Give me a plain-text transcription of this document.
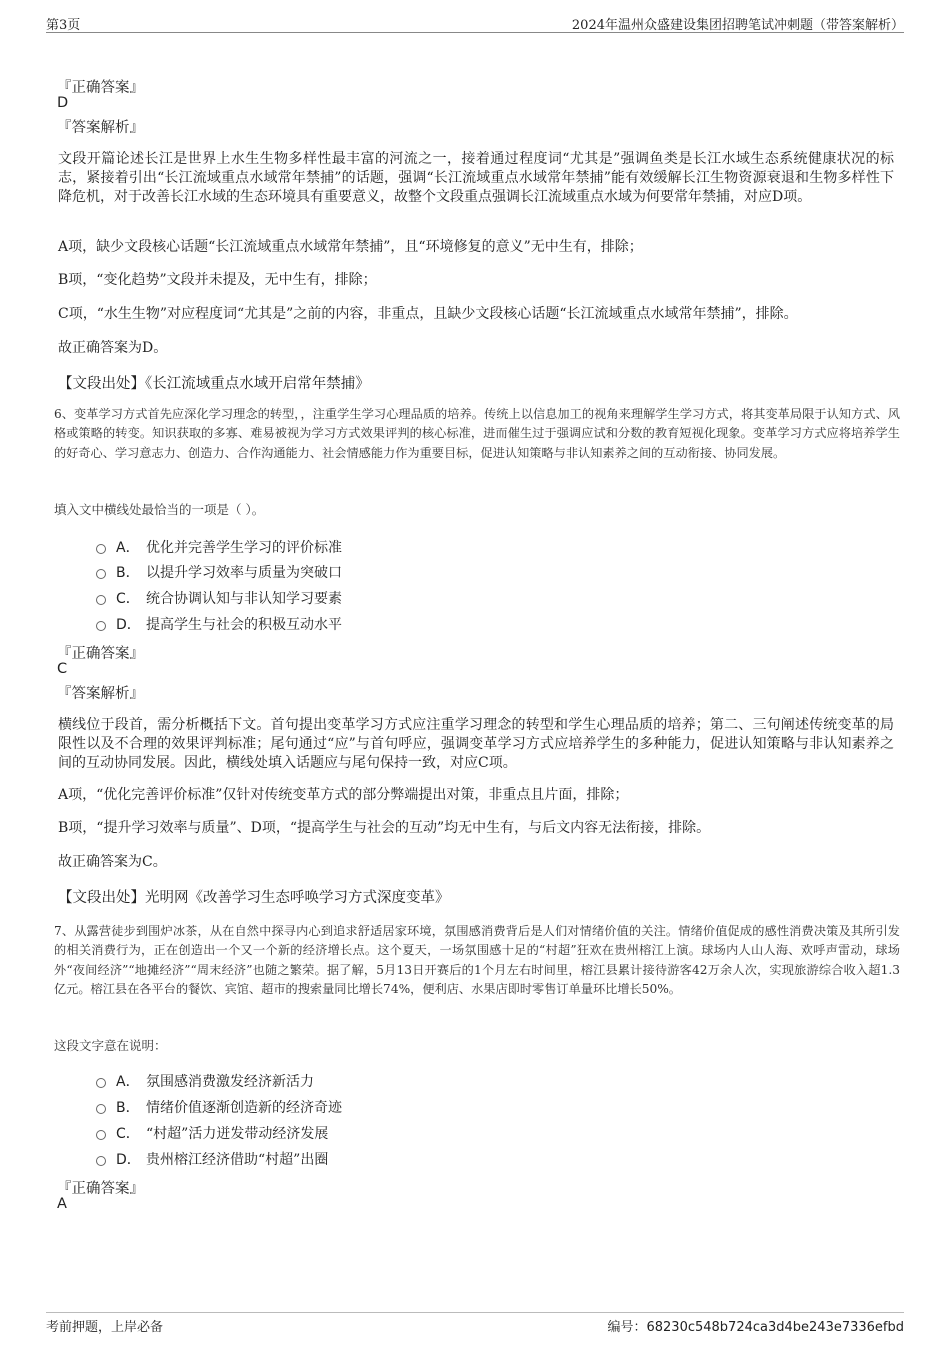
第3页	2024年温州众盛建设集团招聘笔试冲刺题（带答案解析）
『正确答案』
D
『答案解析』
文段开篇论述长江是世界上水生生物多样性最丰富的河流之一，接着通过程度词“尤其是”强调鱼类是长江水域生态系统健康状况的标志，紧接着引出“长江流域重点水域常年禁捕”的话题，强调“长江流域重点水域常年禁捕”能有效缓解长江生物资源衰退和生物多样性下降危机，对于改善长江水域的生态环境具有重要意义，故整个文段重点强调长江流域重点水域为何要常年禁捕，对应D项。
A项，缺少文段核心话题“长江流域重点水域常年禁捕”，且“环境修复的意义”无中生有，排除；
B项，“变化趋势”文段并未提及，无中生有，排除；
C项，“水生生物”对应程度词“尤其是”之前的内容，非重点，且缺少文段核心话题“长江流域重点水域常年禁捕”，排除。
故正确答案为D。
【文段出处】《长江流域重点水域开启常年禁捕》
6、变革学习方式首先应深化学习理念的转型，，注重学生学习心理品质的培养。传统上以信息加工的视角来理解学生学习方式，将其变革局限于认知方式、风格或策略的转变。知识获取的多寡、难易被视为学习方式效果评判的核心标准，进而催生过于强调应试和分数的教育短视化现象。变革学习方式应将培养学生的好奇心、学习意志力、创造力、合作沟通能力、社会情感能力作为重要目标，促进认知策略与非认知素养之间的互动衔接、协同发展。
填入文中横线处最恰当的一项是（ ）。
A． 优化并完善学生学习的评价标准
B． 以提升学习效率与质量为突破口
C． 统合协调认知与非认知学习要素
D． 提高学生与社会的积极互动水平
『正确答案』
C
『答案解析』
横线位于段首，需分析概括下文。首句提出变革学习方式应注重学习理念的转型和学生心理品质的培养；第二、三句阐述传统变革的局限性以及不合理的效果评判标准；尾句通过“应”与首句呼应，强调变革学习方式应培养学生的多种能力，促进认知策略与非认知素养之间的互动协同发展。因此，横线处填入话题应与尾句保持一致，对应C项。
A项，“优化完善评价标准”仅针对传统变革方式的部分弊端提出对策，非重点且片面，排除；
B项，“提升学习效率与质量”、D项，“提高学生与社会的互动”均无中生有，与后文内容无法衔接，排除。
故正确答案为C。
【文段出处】光明网《改善学习生态呼唤学习方式深度变革》
7、从露营徒步到围炉冰茶，从在自然中探寻内心到追求舒适居家环境，氛围感消费背后是人们对情绪价值的关注。情绪价值促成的感性消费决策及其所引发的相关消费行为，正在创造出一个又一个新的经济增长点。这个夏天，一场氛围感十足的“村超”狂欢在贵州榕江上演。球场内人山人海、欢呼声雷动，球场外“夜间经济”“地摊经济”“周末经济”也随之繁荣。据了解，5月13日开赛后的1个月左右时间里，榕江县累计接待游客42万余人次，实现旅游综合收入超1.3亿元。榕江县在各平台的餐饮、宾馆、超市的搜索量同比增长74%，便利店、水果店即时零售订单量环比增长50%。
这段文字意在说明：
A． 氛围感消费激发经济新活力
B． 情绪价值逐渐创造新的经济奇迹
C． “村超”活力迸发带动经济发展
D． 贵州榕江经济借助“村超”出圈
『正确答案』
A
考前押题，上岸必备	编号：68230c548b724ca3d4be243e7336efbd
